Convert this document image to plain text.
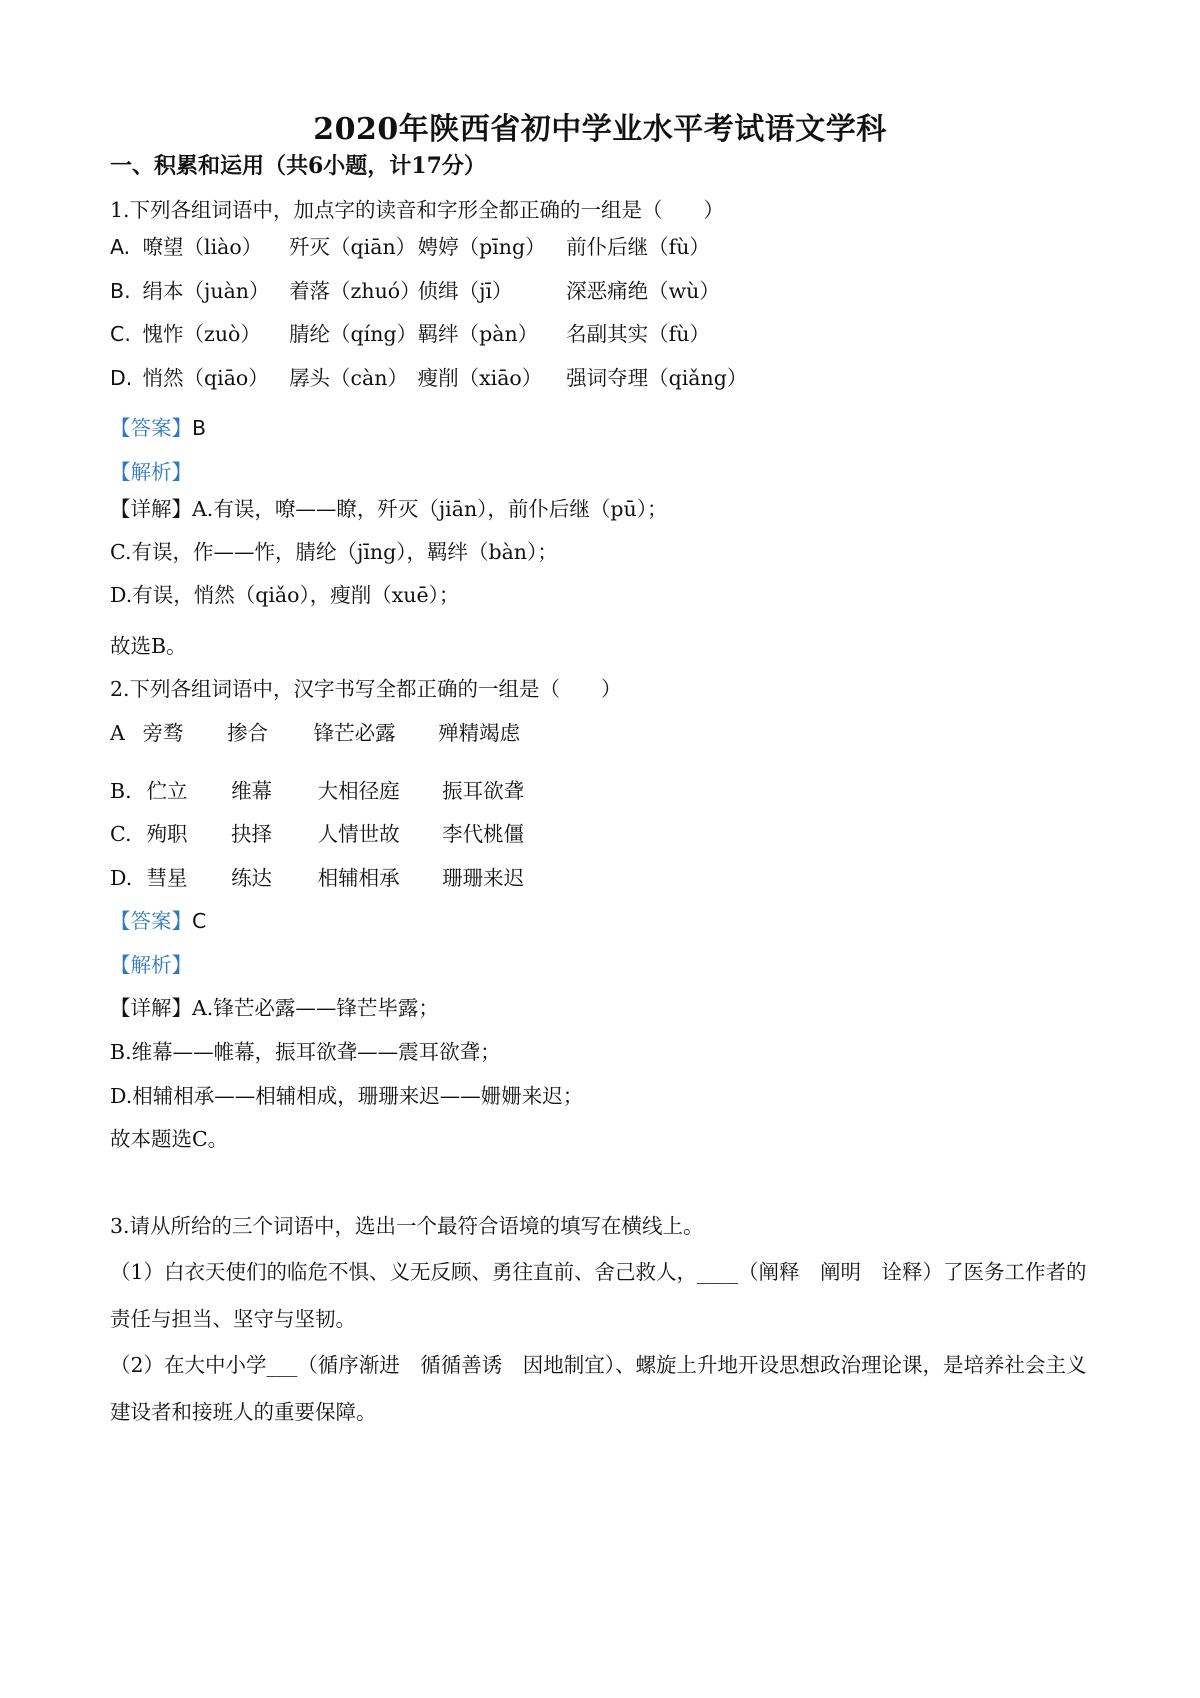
2020年陕西省初中学业水平考试语文学科
一、积累和运用（共6小题，计17分）
1.下列各组词语中，加点字的读音和字形全都正确的一组是（　　）
A. 嘹望（liào） 歼灭（qiān） 娉婷（pīng） 前仆后继（fù）
B. 绢本（juàn） 着落（zhuó） 侦缉（jī）	深恶痛绝（wù）
C. 愧怍（zuò） 腈纶（qíng） 羁绊（pàn） 名副其实（fù）
D. 悄然（qiāo） 孱头（càn） 瘦削（xiāo） 强词夺理（qiǎng）
【答案】B
【解析】
【详解】A.有误，嘹——瞭，歼灭（jiān），前仆后继（pū）；
C.有误，作——怍，腈纶（jīng），羁绊（bàn）；
D.有误，悄然（qiǎo），瘦削（xuē）；
故选B。
2.下列各组词语中，汉字书写全都正确的一组是（　　）
A 旁骛 掺合 锋芒必露 殚精竭虑
B. 伫立 维幕 大相径庭 振耳欲聋
C. 殉职 抉择 人情世故 李代桃僵
D. 彗星 练达 相辅相承 珊珊来迟
【答案】C
【解析】
【详解】A.锋芒必露——锋芒毕露；
B.维幕——帷幕，振耳欲聋——震耳欲聋；
D.相辅相承——相辅相成，珊珊来迟——姗姗来迟；
故本题选C。
3.请从所给的三个词语中，选出一个最符合语境的填写在横线上。
（1）白衣天使们的临危不惧、义无反顾、勇往直前、舍己救人，____（阐释　阐明　诠释）了医务工作者的责任与担当、坚守与坚韧。
（2）在大中小学___（循序渐进　循循善诱　因地制宜）、螺旋上升地开设思想政治理论课，是培养社会主义建设者和接班人的重要保障。
